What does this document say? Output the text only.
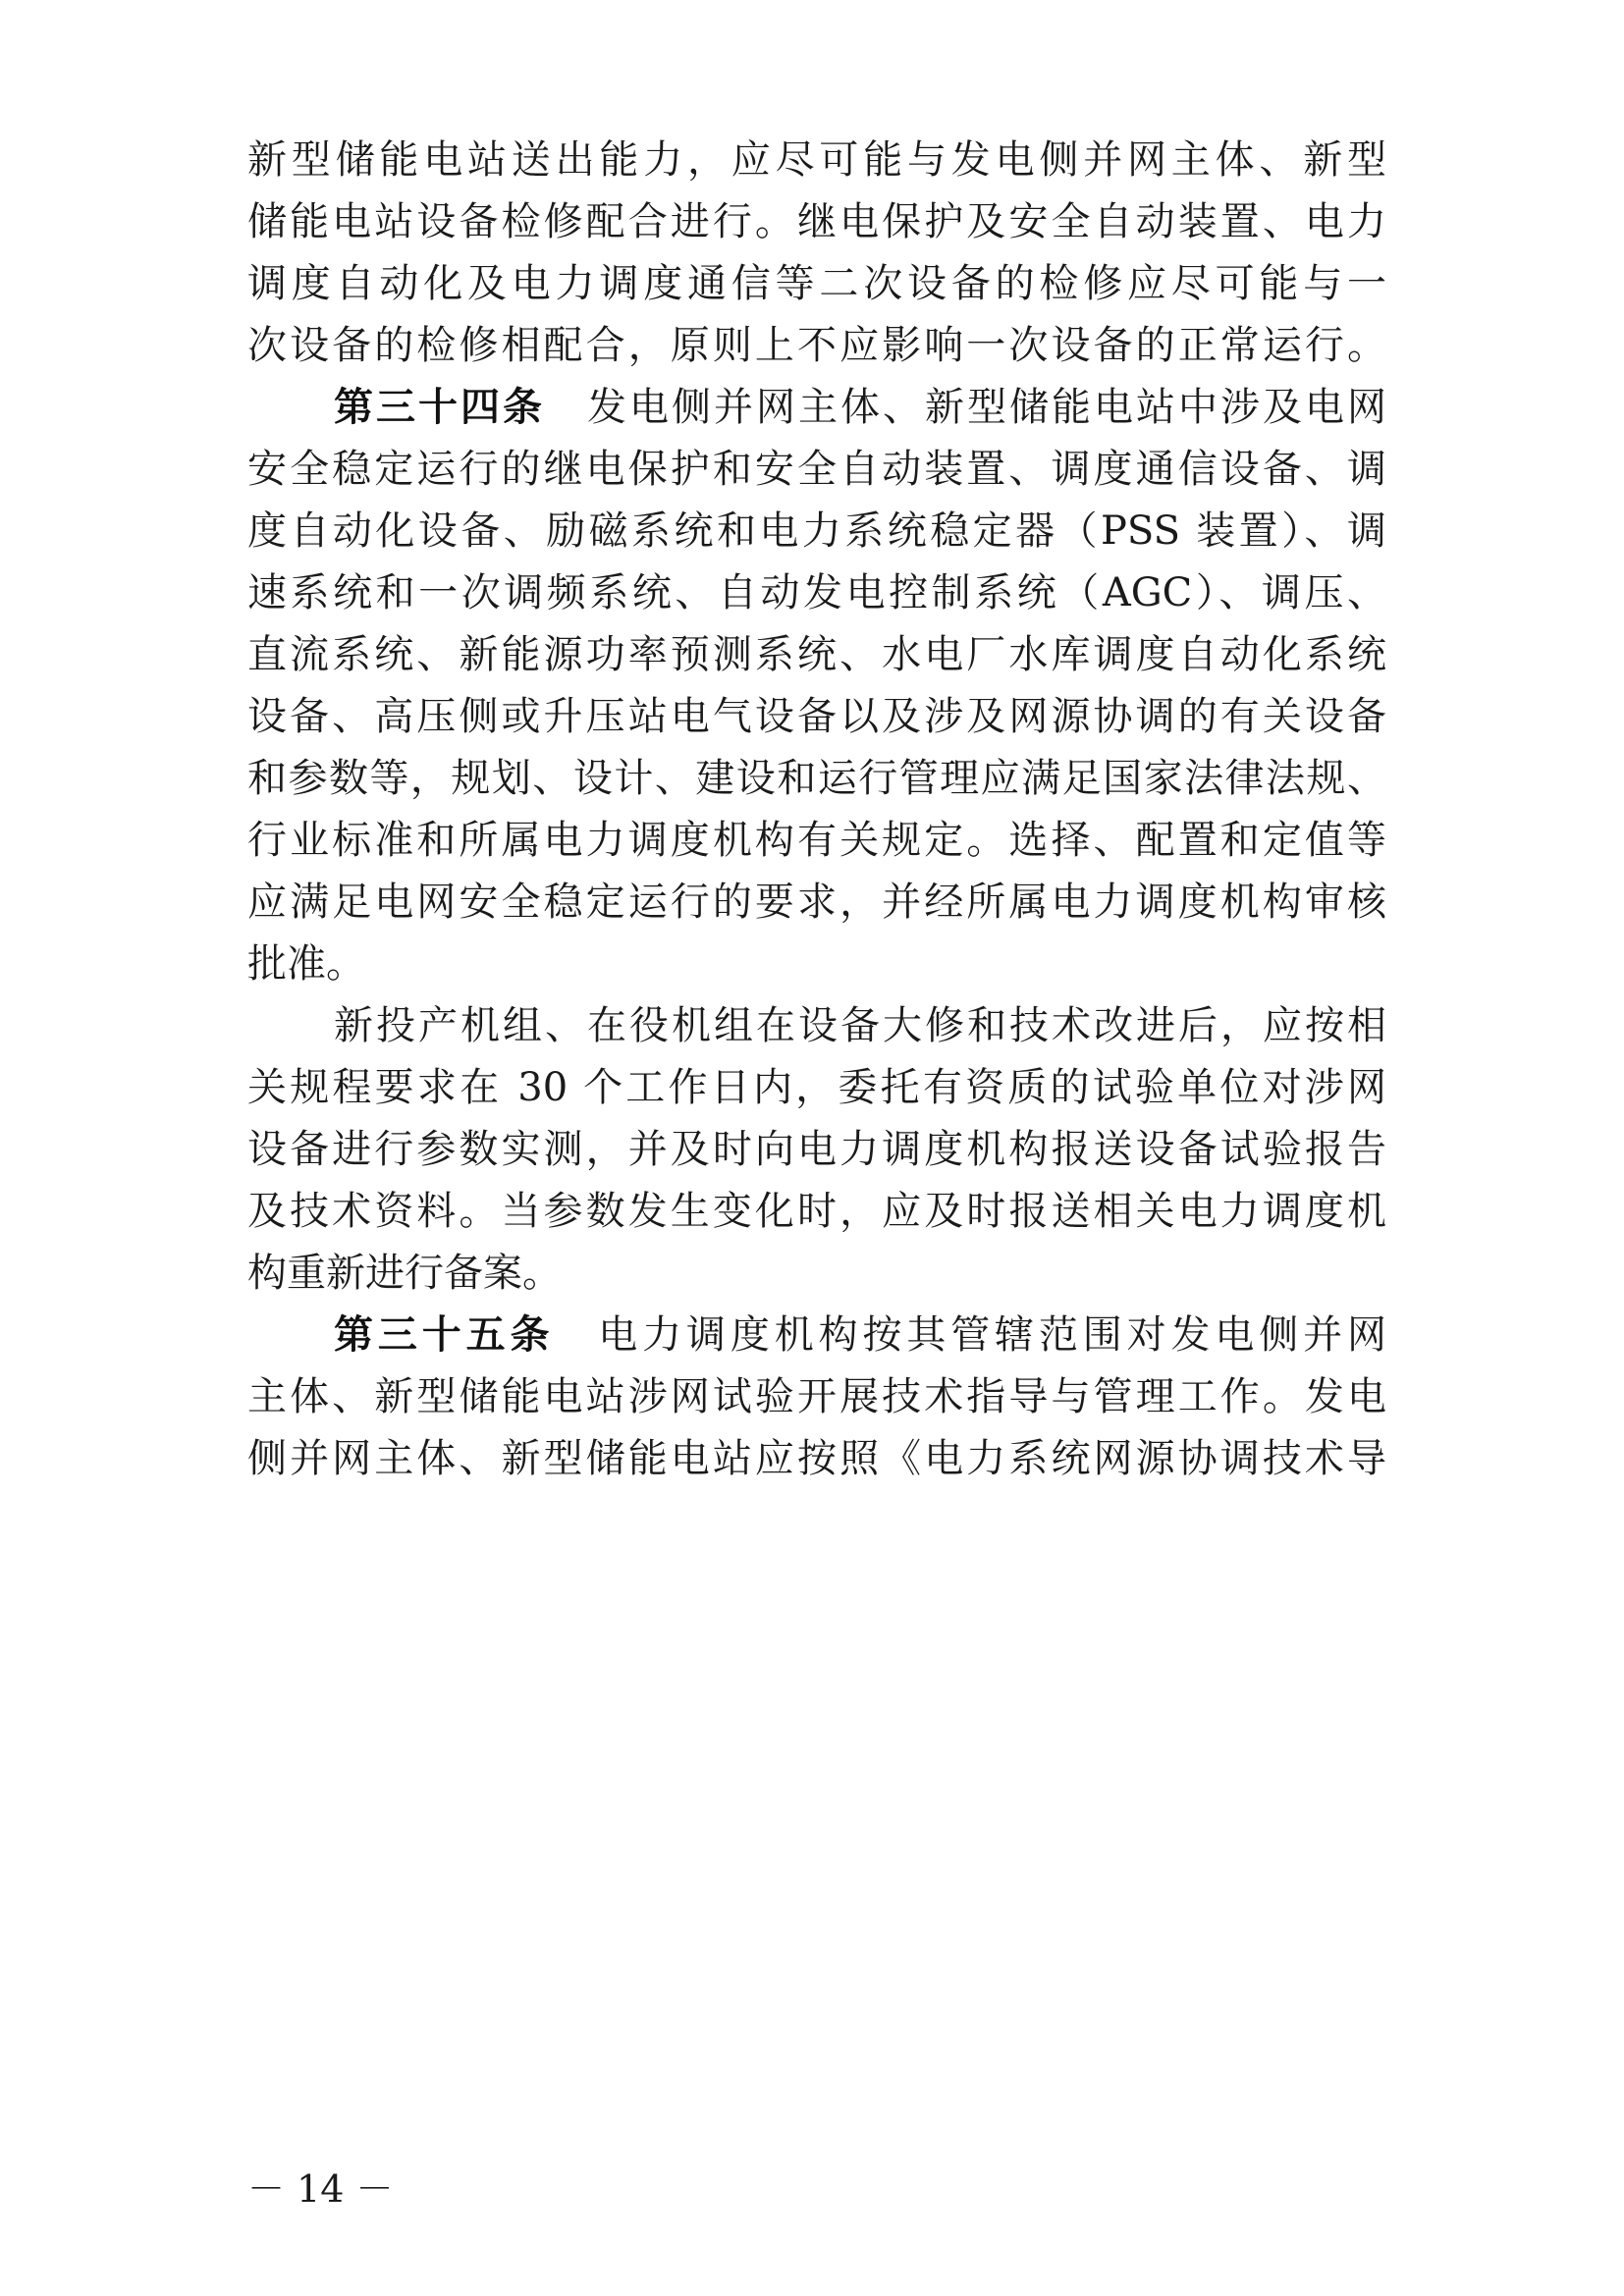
新型储能电站送出能力，应尽可能与发电侧并网主体、新型
储能电站设备检修配合进行。继电保护及安全自动装置、电力
调度自动化及电力调度通信等二次设备的检修应尽可能与一
次设备的检修相配合，原则上不应影响一次设备的正常运行。
第三十四条　 发电侧并网主体、新型储能电站中涉及电网
安全稳定运行的继电保护和安全自动装置、调度通信设备、调
度自动化设备、励磁系统和电力系统稳定器（PSS 装置）、调
速系统和一次调频系统、自动发电控制系统（AGC）、调压、
直流系统、新能源功率预测系统、水电厂水库调度自动化系统
设备、高压侧或升压站电气设备以及涉及网源协调的有关设备
和参数等，规划、设计、建设和运行管理应满足国家法律法规、
行业标准和所属电力调度机构有关规定。选择、配置和定值等
应满足电网安全稳定运行的要求，并经所属电力调度机构审核
批准。
新投产机组、在役机组在设备大修和技术改进后，应按相
关规程要求在 30 个工作日内，委托有资质的试验单位对涉网
设备进行参数实测，并及时向电力调度机构报送设备试验报告
及技术资料。当参数发生变化时，应及时报送相关电力调度机
构重新进行备案。
第三十五条　 电力调度机构按其管辖范围对发电侧并网
主体、新型储能电站涉网试验开展技术指导与管理工作。发电
侧并网主体、新型储能电站应按照《电力系统网源协调技术导
－ 14 －
